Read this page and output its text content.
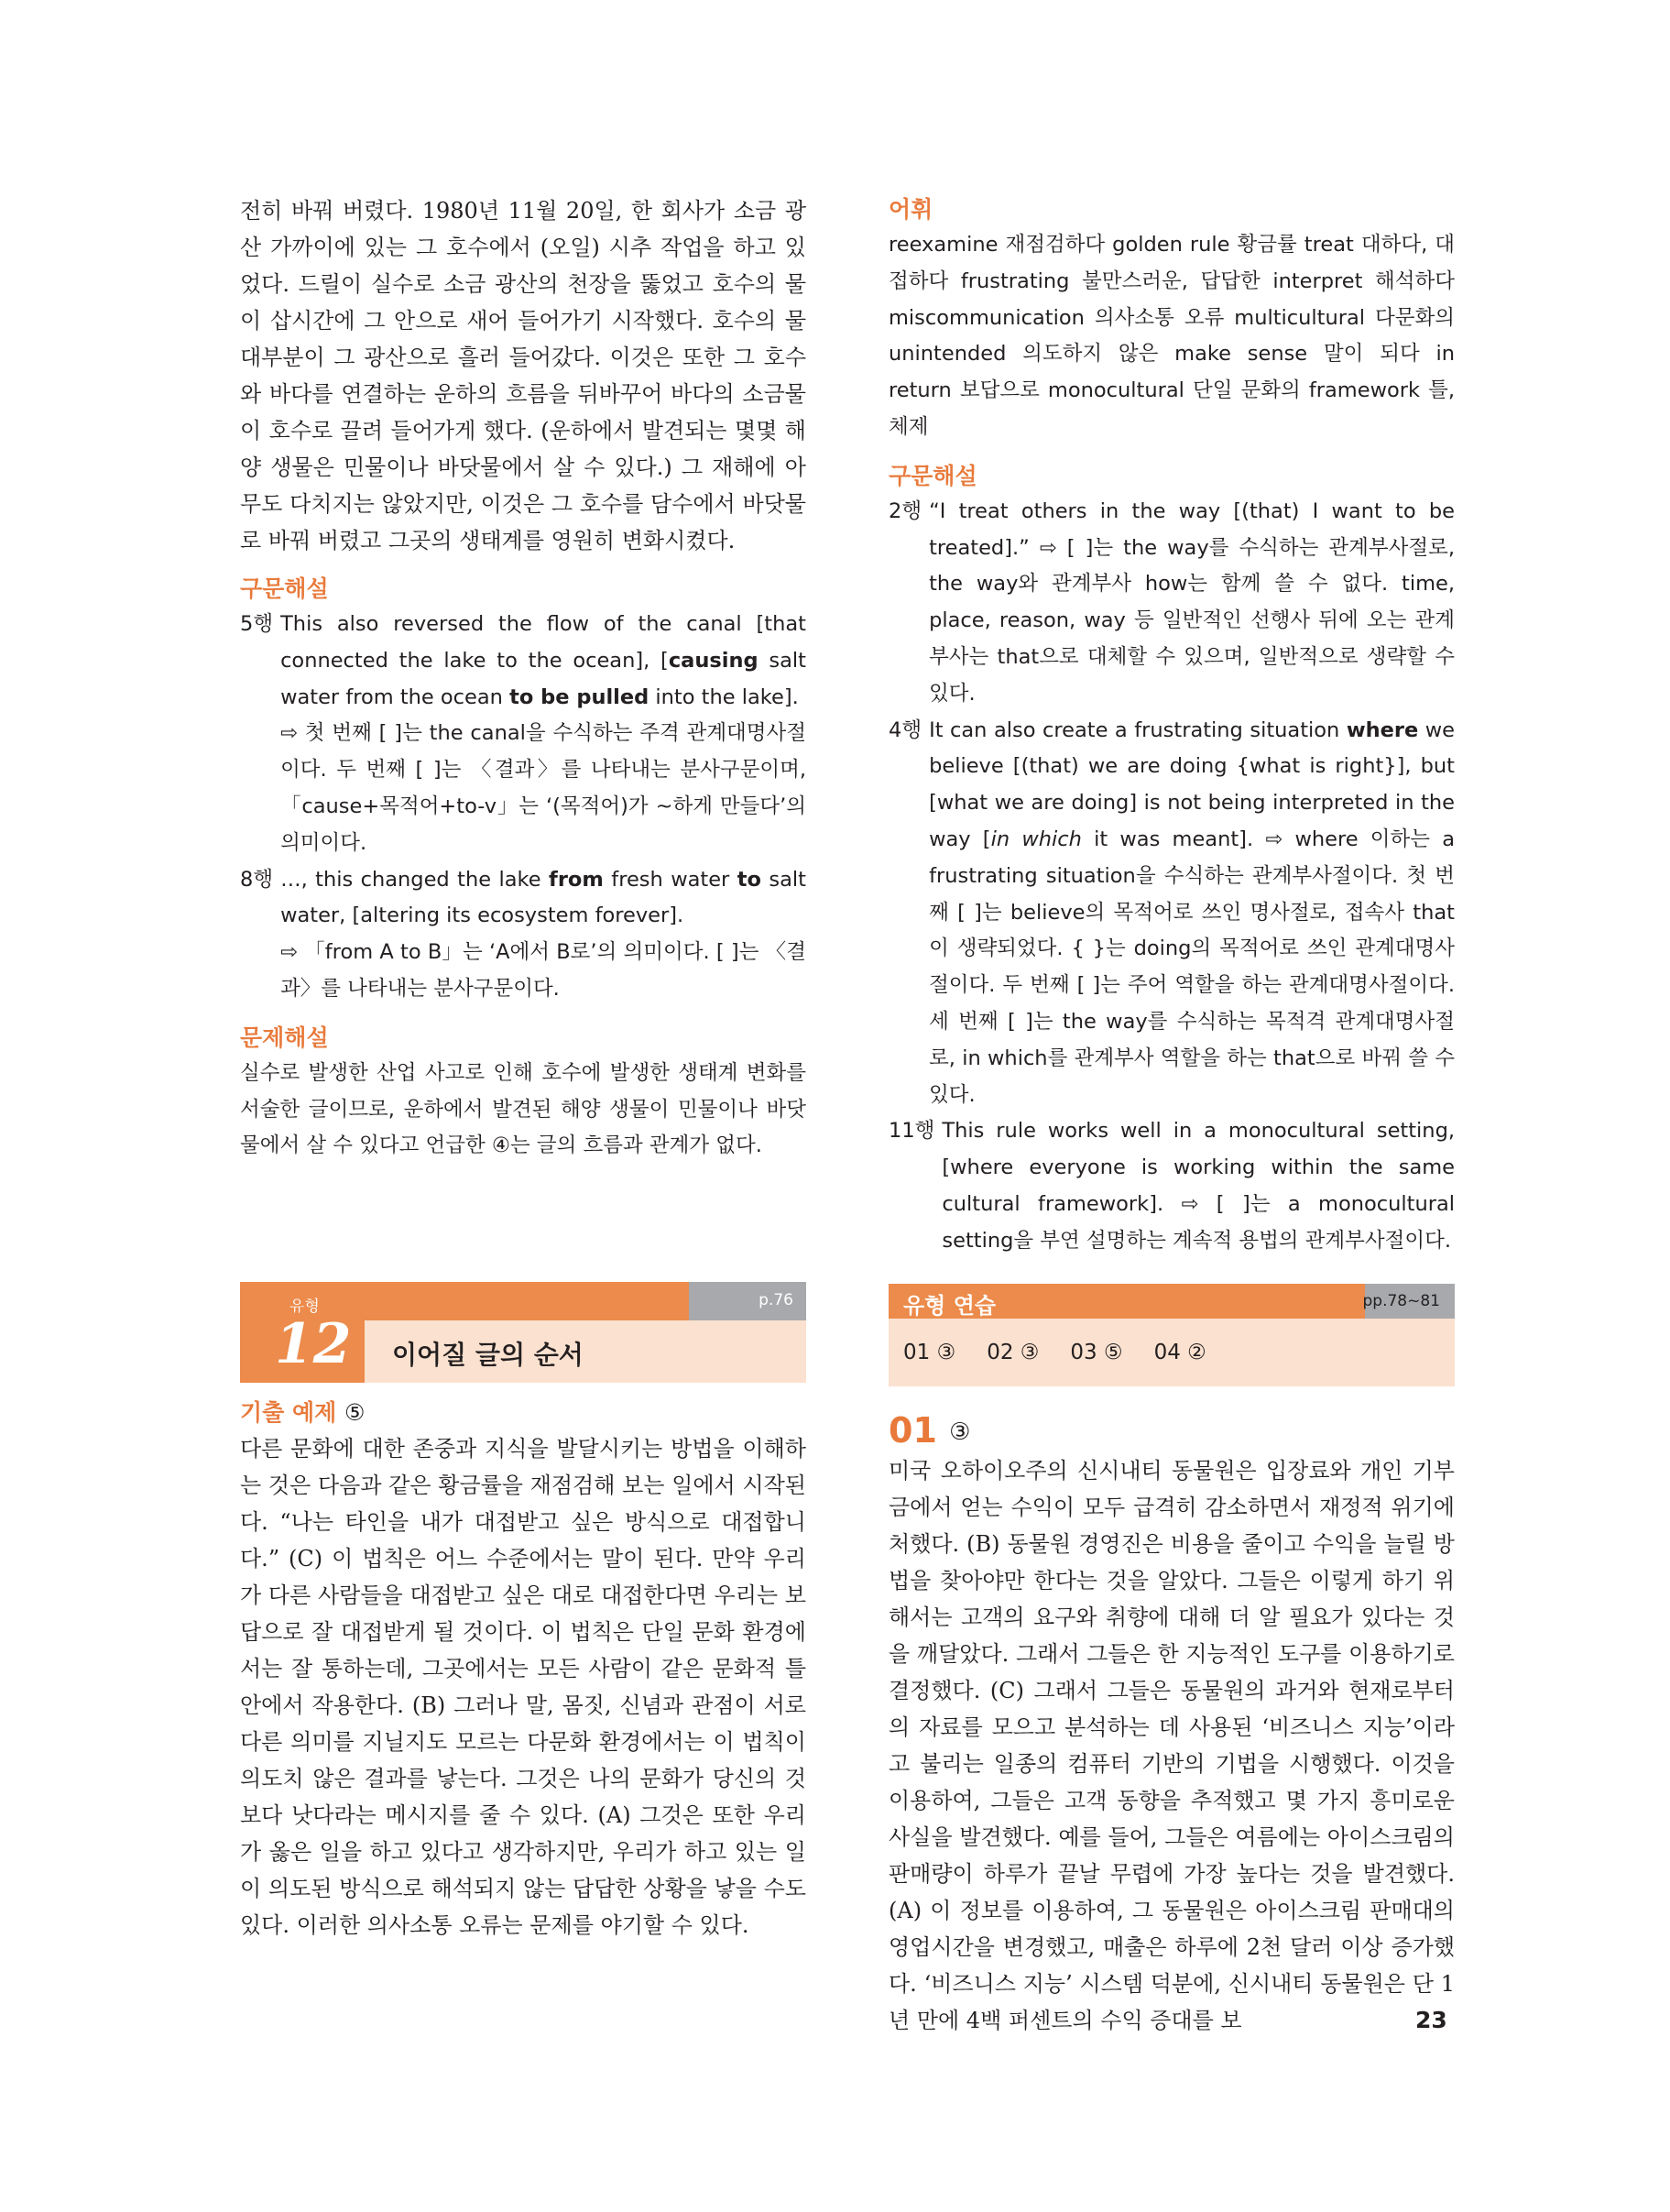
전히 바꿔 버렸다. 1980년 11월 20일, 한 회사가 소금 광산 가까이에 있는 그 호수에서 (오일) 시추 작업을 하고 있었다. 드릴이 실수로 소금 광산의 천장을 뚫었고 호수의 물이 삽시간에 그 안으로 새어 들어가기 시작했다. 호수의 물 대부분이 그 광산으로 흘러 들어갔다. 이것은 또한 그 호수와 바다를 연결하는 운하의 흐름을 뒤바꾸어 바다의 소금물이 호수로 끌려 들어가게 했다. (운하에서 발견되는 몇몇 해양 생물은 민물이나 바닷물에서 살 수 있다.) 그 재해에 아무도 다치지는 않았지만, 이것은 그 호수를 담수에서 바닷물로 바꿔 버렸고 그곳의 생태계를 영원히 변화시켰다.
구문해설
5행 This also reversed the flow of the canal [that connected the lake to the ocean], [causing salt water from the ocean to be pulled into the lake].
⇨ 첫 번째 [ ]는 the canal을 수식하는 주격 관계대명사절이다. 두 번째 [ ]는 〈결과〉를 나타내는 분사구문이며, 「cause+목적어+to-v」는 ‘(목적어)가 ~하게 만들다’의 의미이다.
8행 …, this changed the lake from fresh water to salt water, [altering its ecosystem forever].
⇨ 「from A to B」는 ‘A에서 B로’의 의미이다. [ ]는 〈결과〉를 나타내는 분사구문이다.
문제해설
실수로 발생한 산업 사고로 인해 호수에 발생한 생태계 변화를 서술한 글이므로, 운하에서 발견된 해양 생물이 민물이나 바닷물에서 살 수 있다고 언급한 ④는 글의 흐름과 관계가 없다.
p.76
유형
12 이어질 글의 순서
기출 예제 ⑤
다른 문화에 대한 존중과 지식을 발달시키는 방법을 이해하는 것은 다음과 같은 황금률을 재점검해 보는 일에서 시작된다. “나는 타인을 내가 대접받고 싶은 방식으로 대접합니다.” (C) 이 법칙은 어느 수준에서는 말이 된다. 만약 우리가 다른 사람들을 대접받고 싶은 대로 대접한다면 우리는 보답으로 잘 대접받게 될 것이다. 이 법칙은 단일 문화 환경에서는 잘 통하는데, 그곳에서는 모든 사람이 같은 문화적 틀 안에서 작용한다. (B) 그러나 말, 몸짓, 신념과 관점이 서로 다른 의미를 지닐지도 모르는 다문화 환경에서는 이 법칙이 의도치 않은 결과를 낳는다. 그것은 나의 문화가 당신의 것보다 낫다라는 메시지를 줄 수 있다. (A) 그것은 또한 우리가 옳은 일을 하고 있다고 생각하지만, 우리가 하고 있는 일이 의도된 방식으로 해석되지 않는 답답한 상황을 낳을 수도 있다. 이러한 의사소통 오류는 문제를 야기할 수 있다.
어휘
reexamine 재점검하다 golden rule 황금률 treat 대하다, 대접하다 frustrating 불만스러운, 답답한 interpret 해석하다 miscommunication 의사소통 오류 multicultural 다문화의 unintended 의도하지 않은 make sense 말이 되다 in return 보답으로 monocultural 단일 문화의 framework 틀, 체제
구문해설
2행 “I treat others in the way [(that) I want to be treated].” ⇨ [ ]는 the way를 수식하는 관계부사절로, the way와 관계부사 how는 함께 쓸 수 없다. time, place, reason, way 등 일반적인 선행사 뒤에 오는 관계부사는 that으로 대체할 수 있으며, 일반적으로 생략할 수 있다.
4행 It can also create a frustrating situation where we believe [(that) we are doing {what is right}], but [what we are doing] is not being interpreted in the way [in which it was meant]. ⇨ where 이하는 a frustrating situation을 수식하는 관계부사절이다. 첫 번째 [ ]는 believe의 목적어로 쓰인 명사절로, 접속사 that이 생략되었다. { }는 doing의 목적어로 쓰인 관계대명사절이다. 두 번째 [ ]는 주어 역할을 하는 관계대명사절이다. 세 번째 [ ]는 the way를 수식하는 목적격 관계대명사절로, in which를 관계부사 역할을 하는 that으로 바꿔 쓸 수 있다.
11행 This rule works well in a monocultural setting, [where everyone is working within the same cultural framework]. ⇨ [ ]는 a monocultural setting을 부연 설명하는 계속적 용법의 관계부사절이다.
유형 연습	pp.78~81
01 ③ 02 ③ 03 ⑤ 04 ②
01 ③
미국 오하이오주의 신시내티 동물원은 입장료와 개인 기부금에서 얻는 수익이 모두 급격히 감소하면서 재정적 위기에 처했다. (B) 동물원 경영진은 비용을 줄이고 수익을 늘릴 방법을 찾아야만 한다는 것을 알았다. 그들은 이렇게 하기 위해서는 고객의 요구와 취향에 대해 더 알 필요가 있다는 것을 깨달았다. 그래서 그들은 한 지능적인 도구를 이용하기로 결정했다. (C) 그래서 그들은 동물원의 과거와 현재로부터의 자료를 모으고 분석하는 데 사용된 ‘비즈니스 지능’이라고 불리는 일종의 컴퓨터 기반의 기법을 시행했다. 이것을 이용하여, 그들은 고객 동향을 추적했고 몇 가지 흥미로운 사실을 발견했다. 예를 들어, 그들은 여름에는 아이스크림의 판매량이 하루가 끝날 무렵에 가장 높다는 것을 발견했다. (A) 이 정보를 이용하여, 그 동물원은 아이스크림 판매대의 영업시간을 변경했고, 매출은 하루에 2천 달러 이상 증가했다. ‘비즈니스 지능’ 시스템 덕분에, 신시내티 동물원은 단 1년 만에 4백 퍼센트의 수익 증대를 보	23
